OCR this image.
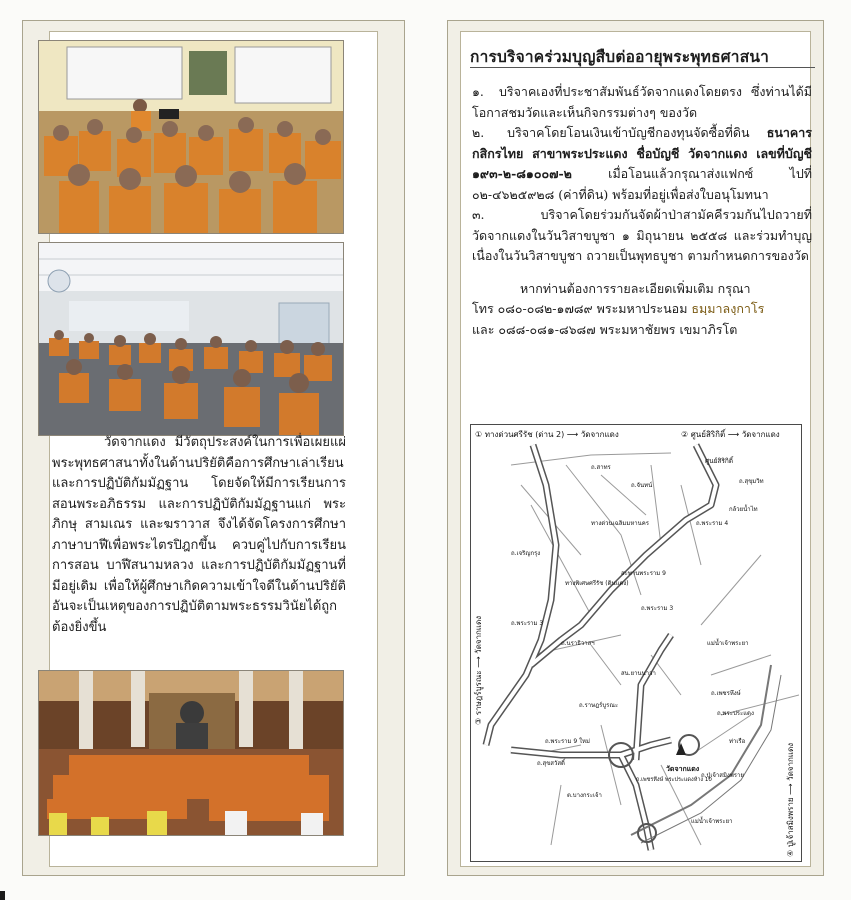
วัดจากแดง มีวัตถุประสงค์ในการเพื่อเผยแผ่พระพุทธศาสนาทั้งในด้านปริยัติคือการศึกษาเล่าเรียนและการปฏิบัติกัมมัฏฐาน โดยจัดให้มีการเรียนการสอนพระอภิธรรม และการปฏิบัติกัมมัฏฐานแก่ พระภิกษุ สามเณร และฆราวาส จึงได้จัดโครงการศึกษาภาษาบาฬีเพื่อพระไตรปิฎกขึ้น ควบคู่ไปกับการเรียนการสอน บาฬีสนามหลวง และการปฏิบัติกัมมัฏฐานที่มีอยู่เดิม เพื่อให้ผู้ศึกษาเกิดความเข้าใจดีในด้านปริยัติอันจะเป็นเหตุของการปฏิบัติตามพระธรรมวินัยได้ถูกต้องยิ่งขึ้น

การบริจาคร่วมบุญสืบต่ออายุพระพุทธศาสนา

๑. บริจาคเองที่ประชาสัมพันธ์วัดจากแดงโดยตรง ซึ่งท่านได้มีโอกาสชมวัดและเห็นกิจกรรมต่างๆ ของวัด

๒. บริจาคโดยโอนเงินเข้าบัญชีกองทุนจัดซื้อที่ดิน ธนาคารกสิกรไทย สาขาพระประแดง ชื่อบัญชี วัดจากแดง เลขที่บัญชี ๑๙๓-๒-๘๑๐๐๗-๒	เมื่อโอนแล้วกรุณาส่งแฟกซ์ ไปที่ ๐๒-๔๖๒๕๙๒๘ (ค่าที่ดิน) พร้อมที่อยู่เพื่อส่งใบอนุโมทนา

๓.	บริจาคโดยร่วมกันจัดผ้าป่าสามัคคีรวมกันไปถวายที่วัดจากแดงในวันวิสาขบูชา ๑ มิถุนายน ๒๕๕๘ และร่วมทำบุญเนื่องในวันวิสาขบูชา ถวายเป็นพุทธบูชา ตามกำหนดการของวัด

หากท่านต้องการรายละเอียดเพิ่มเติม กรุณา
โทร ๐๘๐-๐๘๒-๑๗๘๙ พระมหาประนอม ธมฺมาลงฺกาโร
และ ๐๘๘-๐๘๑-๘๖๘๗ พระมหาชัยพร เขมาภิรโต
① ทางด่วนศรีรัช (ด่าน 2) ⟶ วัดจากแดง	② ศูนย์สิริกิติ์ ⟶ วัดจากแดง
ศูนย์สิริกิติ์
กล้วยน้ำไท
ถ.สุขุมวิท
ถ.พระราม 4
ถ.สาทร
ถ.จันทน์
ทางด่วนเฉลิมมหานคร
ทางพิเศษศรีรัช (ดินแดง)
ถ.พระราม 3
ถ.พระราม 3
สะพานพระราม 9
ถ.ราษฎร์บูรณะ
ถ.สุขสวัสดิ์
ถ.ปู่เจ้าสมิงพราย
วัดจากแดง
ถ.เพชรหึงษ์ พระประแดงห้าง 10
ถ.พระประแดง
แม่น้ำเจ้าพระยา
แม่น้ำเจ้าพระยา
ถ.พระราม 9 ใหม่
ถ.เพชรหึงษ์
ต.บางกระเจ้า
ถ.นราธิวาสฯ
ถ.เจริญกรุง
ท่าเรือ
สน.ยานนาวา
③ ราษฎร์บูรณะ ⟶ วัดจากแดง
④ ปู่เจ้าสมิงพราย ⟶ วัดจากแดง
